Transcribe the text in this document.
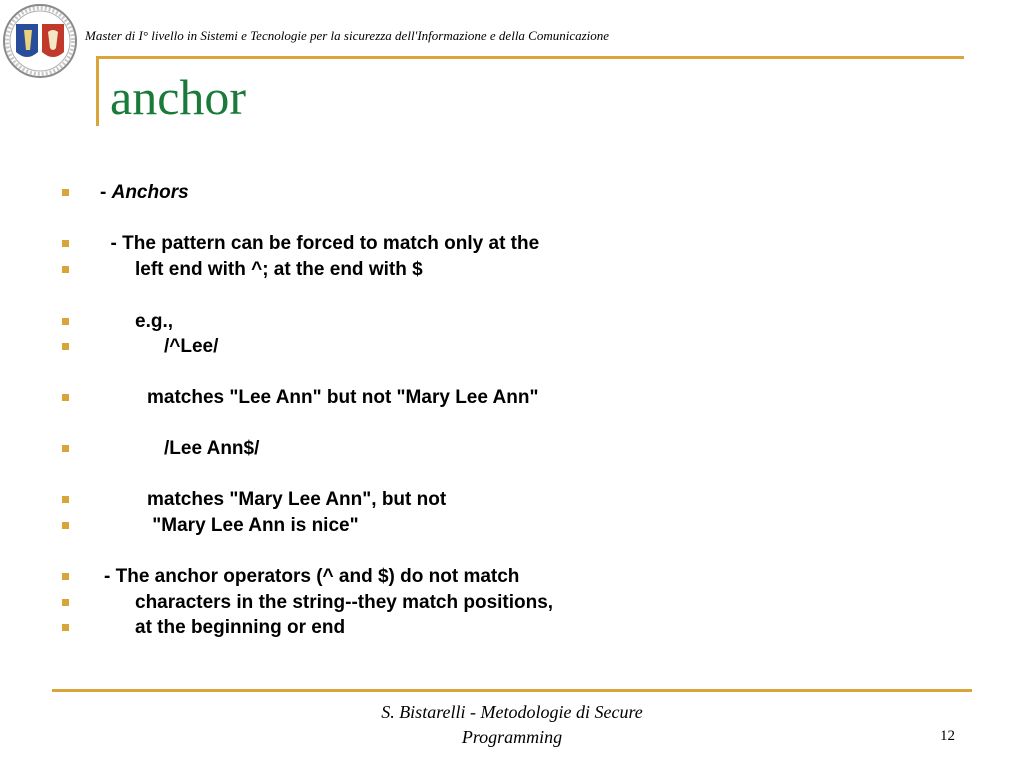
Master di I° livello in Sistemi e Tecnologie per la sicurezza dell'Informazione e della Comunicazione
anchor
- Anchors
- The pattern can be forced to match only at the
left end with ^; at the end with $
e.g.,
/^Lee/
matches "Lee Ann" but not "Mary Lee Ann"
/Lee Ann$/
matches "Mary Lee Ann", but not
"Mary Lee Ann is nice"
- The anchor operators (^ and $) do not match
characters in the string--they match positions,
at the beginning or end
S. Bistarelli - Metodologie di Secure
Programming	12
